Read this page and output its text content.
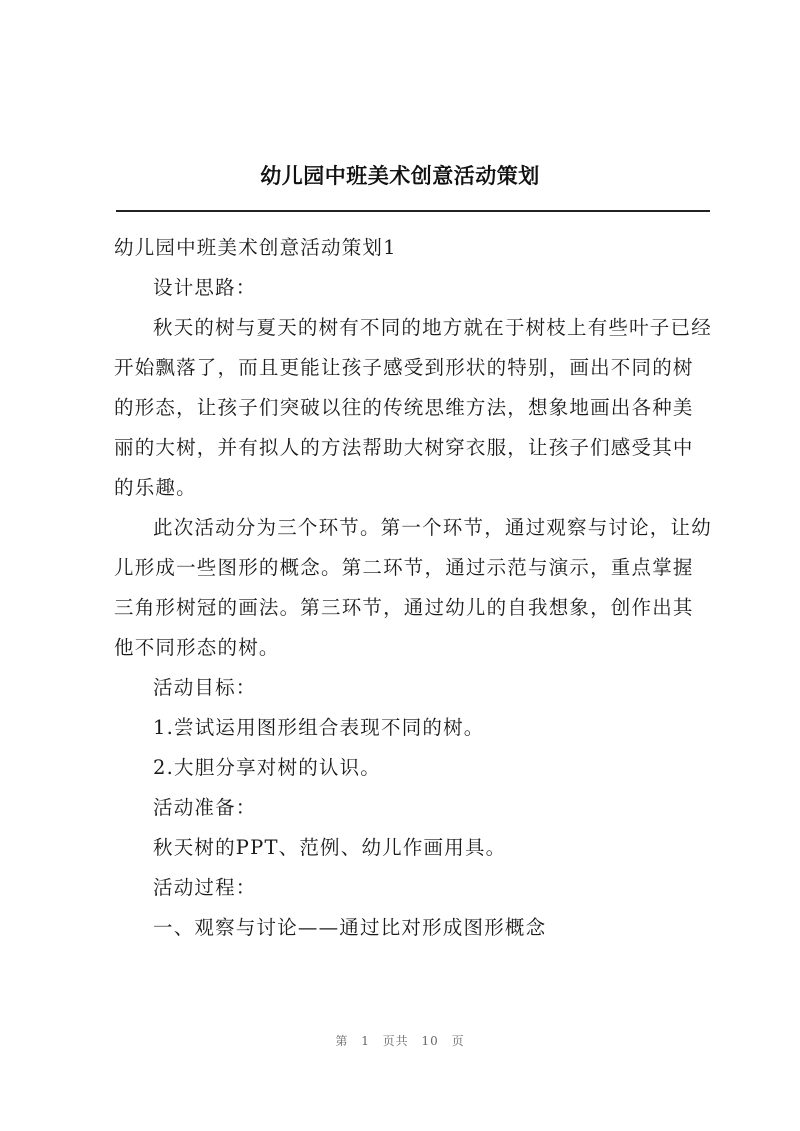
幼儿园中班美术创意活动策划

幼儿园中班美术创意活动策划1

设计思路：

秋天的树与夏天的树有不同的地方就在于树枝上有些叶子已经开始飘落了，而且更能让孩子感受到形状的特别，画出不同的树的形态，让孩子们突破以往的传统思维方法，想象地画出各种美丽的大树，并有拟人的方法帮助大树穿衣服，让孩子们感受其中的乐趣。

此次活动分为三个环节。第一个环节，通过观察与讨论，让幼儿形成一些图形的概念。第二环节，通过示范与演示，重点掌握三角形树冠的画法。第三环节，通过幼儿的自我想象，创作出其他不同形态的树。

活动目标：

1.尝试运用图形组合表现不同的树。

2.大胆分享对树的认识。

活动准备：

秋天树的PPT、范例、幼儿作画用具。

活动过程：

一、观察与讨论——通过比对形成图形概念

第 1 页共 10 页
